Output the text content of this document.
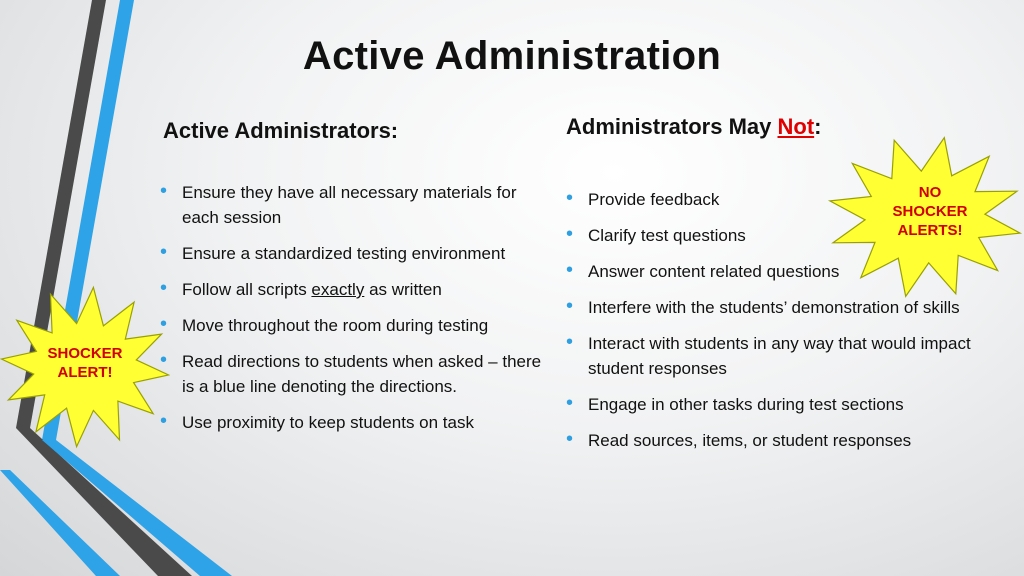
Active Administration
Active Administrators:	Administrators May Not:
• Ensure they have all necessary materials for each session
• Ensure a standardized testing environment
• Follow all scripts exactly as written
• Move throughout the room during testing
• Read directions to students when asked – there is a blue line denoting the directions.
• Use proximity to keep students on task
• Provide feedback
• Clarify test questions
• Answer content related questions
• Interfere with the students’ demonstration of skills
• Interact with students in any way that would impact student responses
• Engage in other tasks during test sections
• Read sources, items, or student responses
SHOCKER
ALERT!
NO
SHOCKER
ALERTS!
